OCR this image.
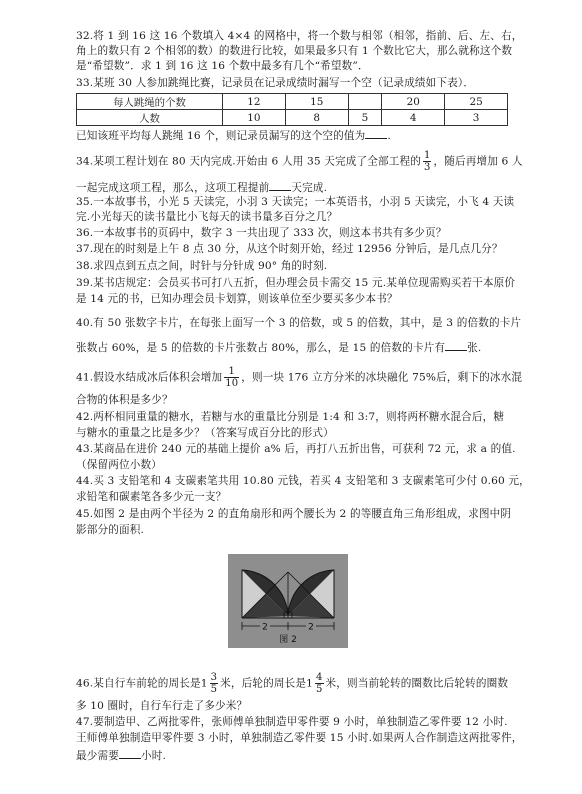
32.将 1 到 16 这 16 个数填入 4×4 的网格中，将一个数与相邻（相邻，指前、后、左、右，
角上的数只有 2 个相邻的数）的数进行比较，如果最多只有 1 个数比它大，那么就称这个数
是“希望数”．求 1 到 16 这 16 个数中最多有几个“希望数”．
33.某班 30 人参加跳绳比赛，记录员在记录成绩时漏写一个空（记录成绩如下表）．
每人跳绳的个数	12	15		20	25
人数	10	8	5	4	3
已知该班平均每人跳绳 16 个，则记录员漏写的这个空的值为 .
34.某项工程计划在 80 天内完成.开始由 6 人用 35 天完成了全部工程的 $\frac{1}{3}$ ，随后再增加 6 人
一起完成这项工程，那么，这项工程提前 天完成.
35.一本故事书，小光 5 天读完，小羽 3 天读完；一本英语书，小羽 5 天读完，小飞 4 天读
完.小光每天的读书量比小飞每天的读书量多百分之几？
36.一本故事书的页码中，数字 3 一共出现了 333 次，则这本书共有多少页？
37.现在的时刻是上午 8 点 30 分，从这个时刻开始，经过 12956 分钟后，是几点几分？
38.求四点到五点之间，时针与分针成 90° 角的时刻.
39.某书店规定：会员买书可打八五折，但办理会员卡需交 15 元.某单位现需购买若干本原价
是 14 元的书，已知办理会员卡划算，则该单位至少要买多少本书？
40.有 50 张数字卡片，在每张上面写一个 3 的倍数，或 5 的倍数，其中，是 3 的倍数的卡片
张数占 60%，是 5 的倍数的卡片张数占 80%，那么，是 15 的倍数的卡片有 张.
41.假设水结成冰后体积会增加 $\frac{1}{10}$ ，则一块 176 立方分米的冰块融化 75%后，剩下的冰水混
合物的体积是多少？
42.两杯相同重量的糖水，若糖与水的重量比分别是 1:4 和 3:7，则将两杯糖水混合后，糖
与糖水的重量之比是多少？（答案写成百分比的形式）
43.某商品在进价 240 元的基础上提价 a% 后，再打八五折出售，可获利 72 元，求 a 的值.
（保留两位小数）
44.买 3 支铅笔和 4 支碳素笔共用 10.80 元钱，若买 4 支铅笔和 3 支碳素笔可少付 0.60 元，
求铅笔和碳素笔各多少元一支？
45.如图 2 是由两个半径为 2 的直角扇形和两个腰长为 2 的等腰直角三角形组成，求图中阴
影部分的面积.
2	2
图 2
46.某自行车前轮的周长是$1 \frac{3}{5}$ 米，后轮的周长是$1 \frac{4}{5}$ 米，则当前轮转的圈数比后轮转的圈数
多 10 圈时，自行车行走了多少米？
47.要制造甲、乙两批零件，张师傅单独制造甲零件要 9 小时，单独制造乙零件要 12 小时.
王师傅单独制造甲零件要 3 小时，单独制造乙零件要 15 小时.如果两人合作制造这两批零件，
最少需要 小时.
